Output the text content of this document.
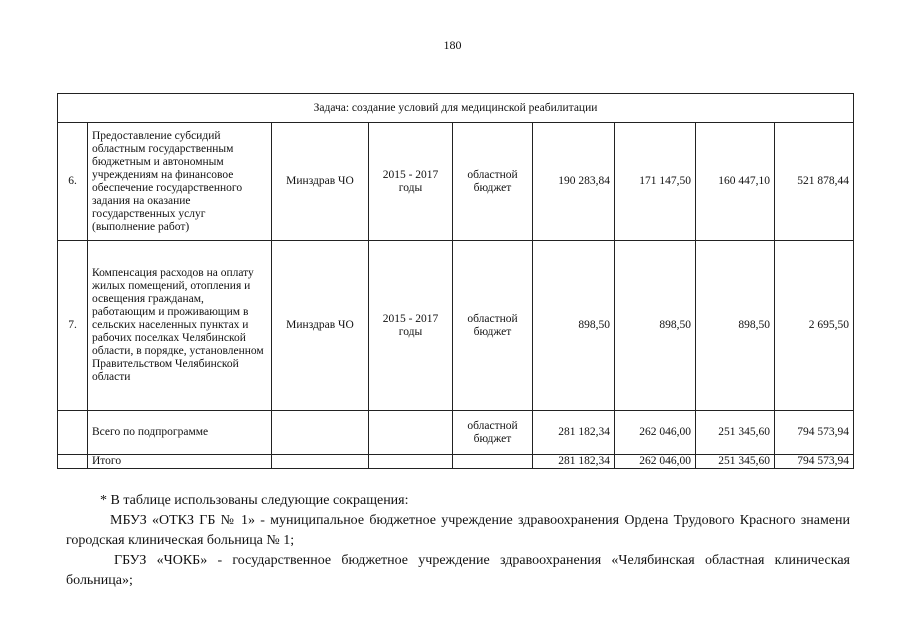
180
Задача: создание условий для медицинской реабилитации								
6.	Предоставление субсидий областным государственным бюджетным и автономным учреждениям на финансовое обеспечение государственного задания на оказание государственных услуг (выполнение работ)	Минздрав ЧО	2015 - 2017 годы	областной бюджет	190 283,84	171 147,50	160 447,10	521 878,44
7.	Компенсация расходов на оплату жилых помещений, отопления и освещения гражданам, работающим и проживающим в сельских населенных пунктах и рабочих поселках Челябинской области, в порядке, установленном Правительством Челябинской области	Минздрав ЧО	2015 - 2017 годы	областной бюджет	898,50	898,50	898,50	2 695,50
	Всего по подпрограмме			областной бюджет	281 182,34	262 046,00	251 345,60	794 573,94
	Итого				281 182,34	262 046,00	251 345,60	794 573,94

* В таблице использованы следующие сокращения:

МБУЗ «ОТКЗ ГБ № 1» - муниципальное бюджетное учреждение здравоохранения Ордена Трудового Красного знамени городская клиническая больница № 1;

ГБУЗ «ЧОКБ» - государственное бюджетное учреждение здравоохранения «Челябинская областная клиническая больница»;
